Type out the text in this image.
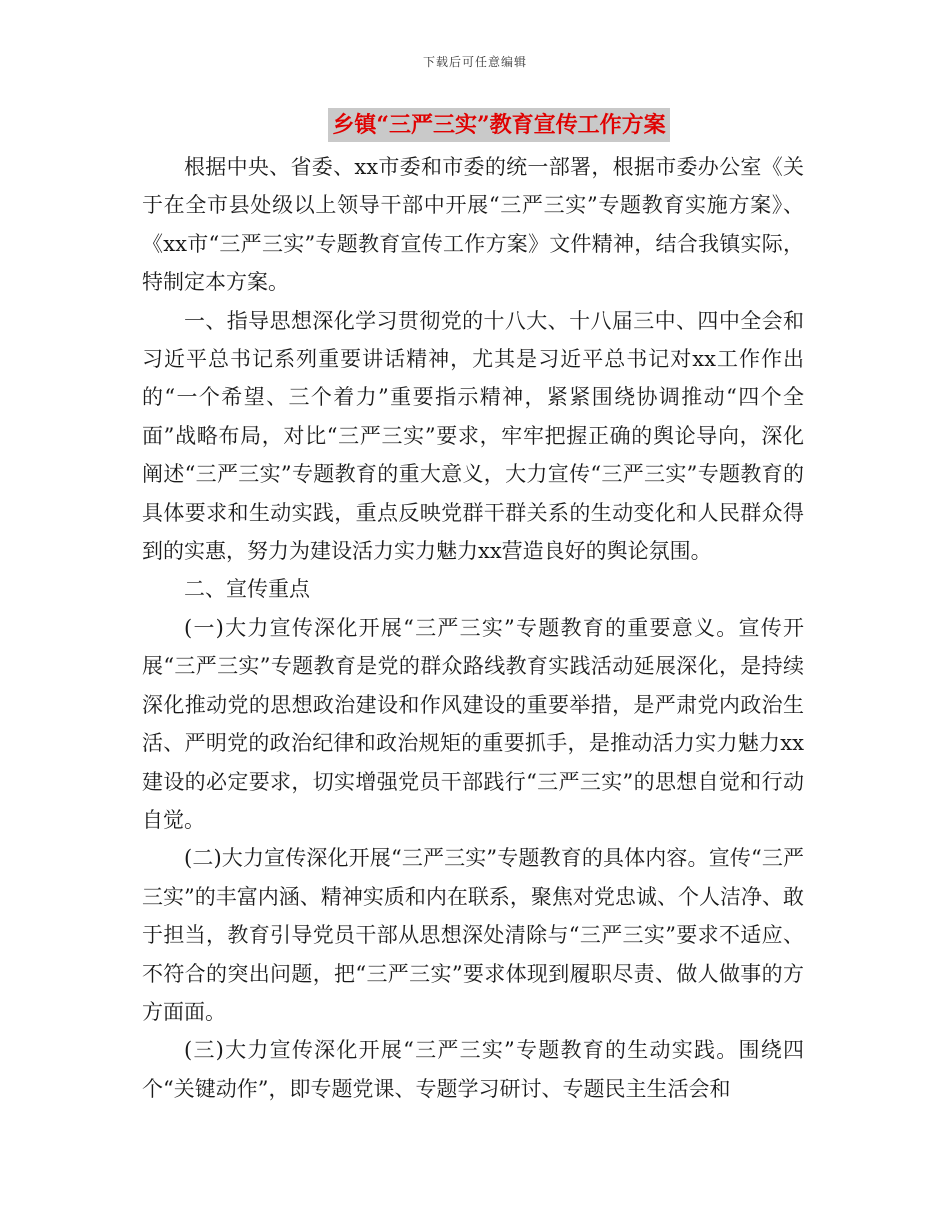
下载后可任意编辑
乡镇“三严三实”教育宣传工作方案

根据中央、省委、xx市委和市委的统一部署，根据市委办公室《关于在全市县处级以上领导干部中开展“三严三实”专题教育实施方案》、《xx市“三严三实”专题教育宣传工作方案》文件精神，结合我镇实际，特制定本方案。

一、指导思想深化学习贯彻党的十八大、十八届三中、四中全会和习近平总书记系列重要讲话精神，尤其是习近平总书记对xx工作作出的“一个希望、三个着力”重要指示精神，紧紧围绕协调推动“四个全面”战略布局，对比“三严三实”要求，牢牢把握正确的舆论导向，深化阐述“三严三实”专题教育的重大意义，大力宣传“三严三实”专题教育的具体要求和生动实践，重点反映党群干群关系的生动变化和人民群众得到的实惠，努力为建设活力实力魅力xx营造良好的舆论氛围。

二、宣传重点

(一)大力宣传深化开展“三严三实”专题教育的重要意义。宣传开展“三严三实”专题教育是党的群众路线教育实践活动延展深化，是持续深化推动党的思想政治建设和作风建设的重要举措，是严肃党内政治生活、严明党的政治纪律和政治规矩的重要抓手，是推动活力实力魅力xx建设的必定要求，切实增强党员干部践行“三严三实”的思想自觉和行动自觉。

(二)大力宣传深化开展“三严三实”专题教育的具体内容。宣传“三严三实”的丰富内涵、精神实质和内在联系，聚焦对党忠诚、个人洁净、敢于担当，教育引导党员干部从思想深处清除与“三严三实”要求不适应、不符合的突出问题，把“三严三实”要求体现到履职尽责、做人做事的方方面面。

(三)大力宣传深化开展“三严三实”专题教育的生动实践。围绕四个“关键动作”，即专题党课、专题学习研讨、专题民主生活会和
